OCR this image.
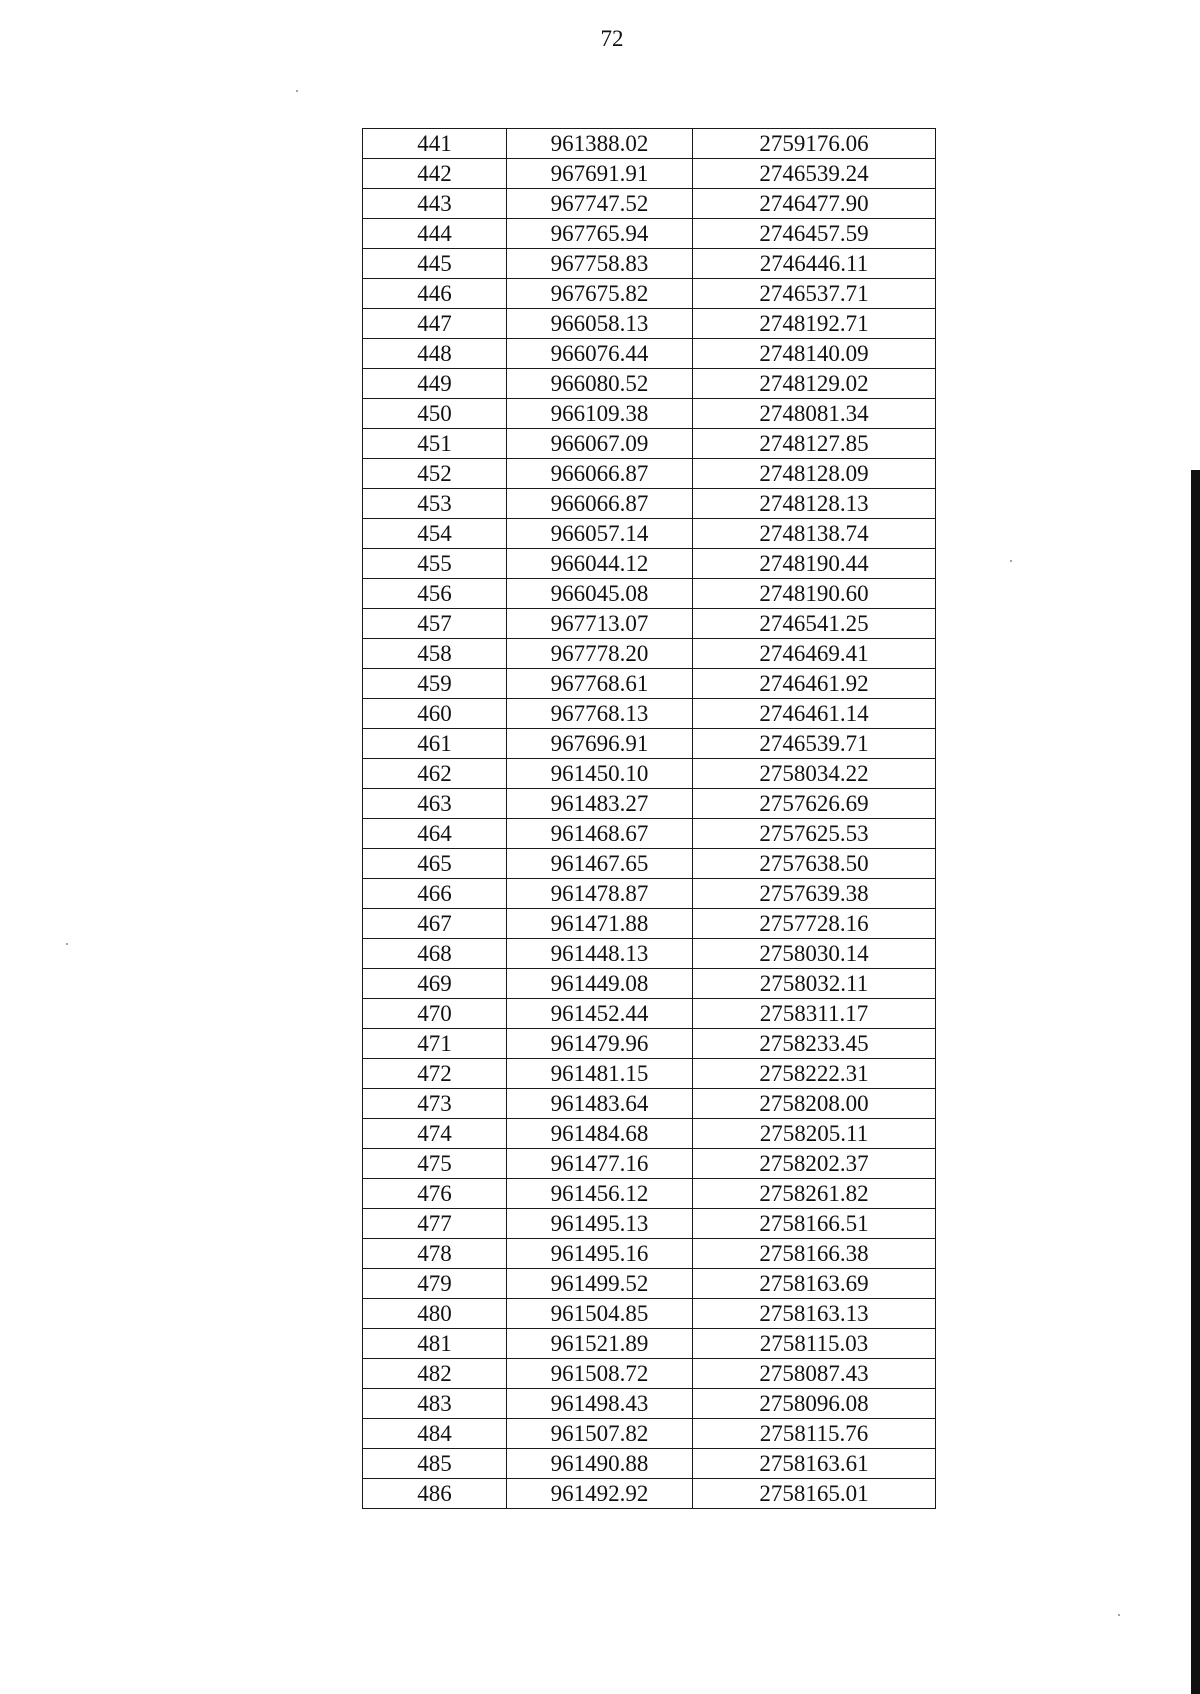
72
441	961388.02	2759176.06
442	967691.91	2746539.24
443	967747.52	2746477.90
444	967765.94	2746457.59
445	967758.83	2746446.11
446	967675.82	2746537.71
447	966058.13	2748192.71
448	966076.44	2748140.09
449	966080.52	2748129.02
450	966109.38	2748081.34
451	966067.09	2748127.85
452	966066.87	2748128.09
453	966066.87	2748128.13
454	966057.14	2748138.74
455	966044.12	2748190.44
456	966045.08	2748190.60
457	967713.07	2746541.25
458	967778.20	2746469.41
459	967768.61	2746461.92
460	967768.13	2746461.14
461	967696.91	2746539.71
462	961450.10	2758034.22
463	961483.27	2757626.69
464	961468.67	2757625.53
465	961467.65	2757638.50
466	961478.87	2757639.38
467	961471.88	2757728.16
468	961448.13	2758030.14
469	961449.08	2758032.11
470	961452.44	2758311.17
471	961479.96	2758233.45
472	961481.15	2758222.31
473	961483.64	2758208.00
474	961484.68	2758205.11
475	961477.16	2758202.37
476	961456.12	2758261.82
477	961495.13	2758166.51
478	961495.16	2758166.38
479	961499.52	2758163.69
480	961504.85	2758163.13
481	961521.89	2758115.03
482	961508.72	2758087.43
483	961498.43	2758096.08
484	961507.82	2758115.76
485	961490.88	2758163.61
486	961492.92	2758165.01
